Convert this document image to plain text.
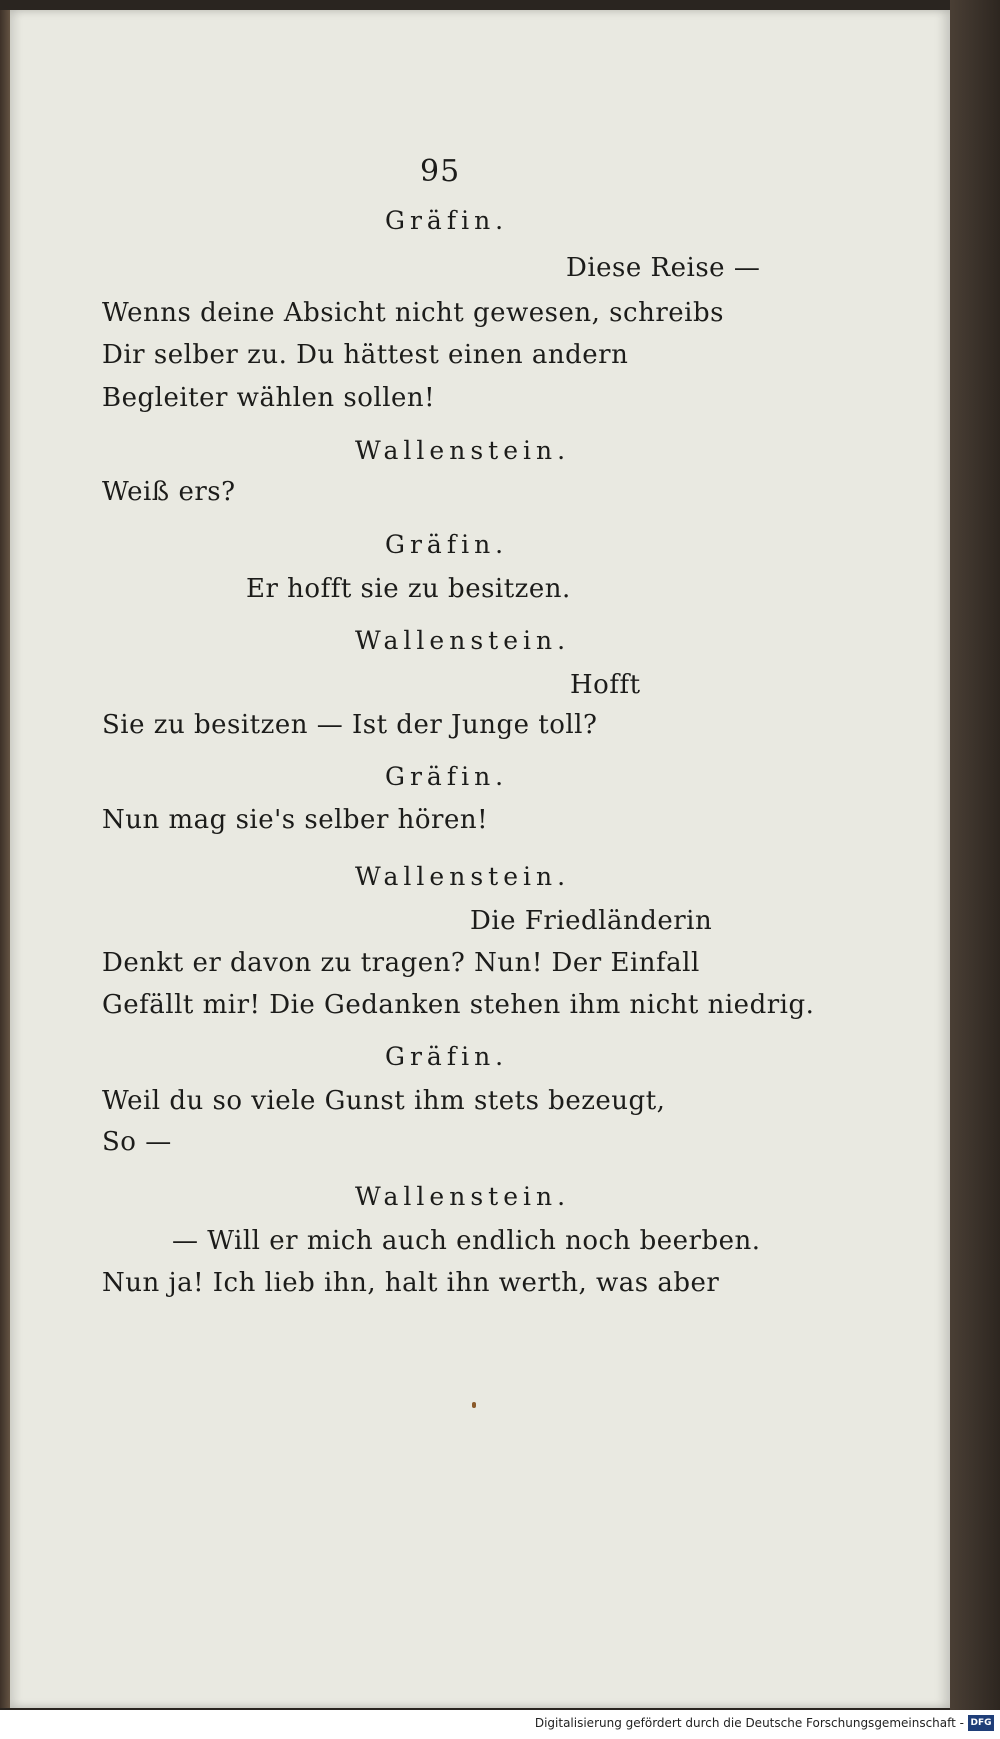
95
Gräfin.
Diese Reise —
Wenns deine Absicht nicht gewesen, schreibs
Dir selber zu. Du hättest einen andern
Begleiter wählen sollen!
Wallenstein.
Weiß ers?
Gräfin.
Er hofft sie zu besitzen.
Wallenstein.
Hofft
Sie zu besitzen — Ist der Junge toll?
Gräfin.
Nun mag sie's selber hören!
Wallenstein.
Die Friedländerin
Denkt er davon zu tragen? Nun! Der Einfall
Gefällt mir! Die Gedanken stehen ihm nicht niedrig.
Gräfin.
Weil du so viele Gunst ihm stets bezeugt,
So —
Wallenstein.
— Will er mich auch endlich noch beerben.
Nun ja! Ich lieb ihn, halt ihn werth, was aber
Digitalisierung gefördert durch die Deutsche Forschungsgemeinschaft - DFG
